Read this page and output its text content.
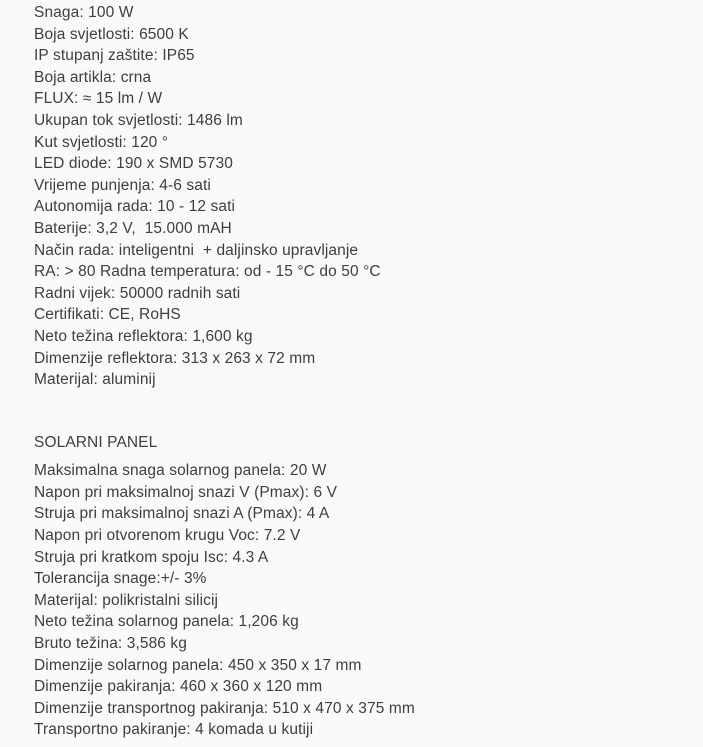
Snaga: 100 W
Boja svjetlosti: 6500 K
IP stupanj zaštite: IP65
Boja artikla: crna
FLUX: ≈ 15 lm / W
Ukupan tok svjetlosti: 1486 lm
Kut svjetlosti: 120 °
LED diode: 190 x SMD 5730
Vrijeme punjenja: 4-6 sati
Autonomija rada: 10 - 12 sati
Baterije: 3,2 V,  15.000 mAH
Način rada: inteligentni  + daljinsko upravljanje
RA: > 80 Radna temperatura: od - 15 °C do 50 °C
Radni vijek: 50000 radnih sati
Certifikati: CE, RoHS
Neto težina reflektora: 1,600 kg
Dimenzije reflektora: 313 x 263 x 72 mm
Materijal: aluminij
SOLARNI PANEL
Maksimalna snaga solarnog panela: 20 W
Napon pri maksimalnoj snazi V (Pmax): 6 V
Struja pri maksimalnoj snazi A (Pmax): 4 A
Napon pri otvorenom krugu Voc: 7.2 V
Struja pri kratkom spoju Isc: 4.3 A
Tolerancija snage:+/- 3%
Materijal: polikristalni silicij
Neto težina solarnog panela: 1,206 kg
Bruto težina: 3,586 kg
Dimenzije solarnog panela: 450 x 350 x 17 mm
Dimenzije pakiranja: 460 x 360 x 120 mm
Dimenzije transportnog pakiranja: 510 x 470 x 375 mm
Transportno pakiranje: 4 komada u kutiji
